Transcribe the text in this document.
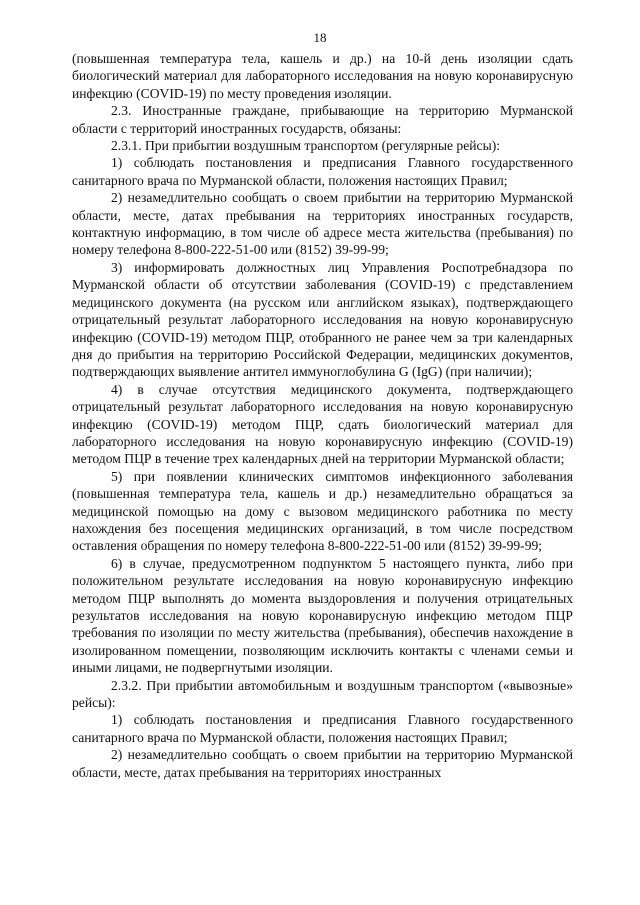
18

(повышенная температура тела, кашель и др.) на 10-й день изоляции сдать биологический материал для лабораторного исследования на новую коронавирусную инфекцию (COVID-19) по месту проведения изоляции.

2.3. Иностранные граждане, прибывающие на территорию Мурманской области с территорий иностранных государств, обязаны:

2.3.1. При прибытии воздушным транспортом (регулярные рейсы):

1) соблюдать постановления и предписания Главного государственного санитарного врача по Мурманской области, положения настоящих Правил;

2) незамедлительно сообщать о своем прибытии на территорию Мурманской области, месте, датах пребывания на территориях иностранных государств, контактную информацию, в том числе об адресе места жительства (пребывания) по номеру телефона 8-800-222-51-00 или (8152) 39-99-99;

3) информировать должностных лиц Управления Роспотребнадзора по Мурманской области об отсутствии заболевания (COVID-19) с представлением медицинского документа (на русском или английском языках), подтверждающего отрицательный результат лабораторного исследования на новую коронавирусную инфекцию (COVID-19) методом ПЦР, отобранного не ранее чем за три календарных дня до прибытия на территорию Российской Федерации, медицинских документов, подтверждающих выявление антител иммуноглобулина G (IgG) (при наличии);

4) в случае отсутствия медицинского документа, подтверждающего отрицательный результат лабораторного исследования на новую коронавирусную инфекцию (COVID-19) методом ПЦР, сдать биологический материал для лабораторного исследования на новую коронавирусную инфекцию (COVID-19) методом ПЦР в течение трех календарных дней на территории Мурманской области;

5) при появлении клинических симптомов инфекционного заболевания (повышенная температура тела, кашель и др.) незамедлительно обращаться за медицинской помощью на дому с вызовом медицинского работника по месту нахождения без посещения медицинских организаций, в том числе посредством оставления обращения по номеру телефона 8-800-222-51-00 или (8152) 39-99-99;

6) в случае, предусмотренном подпунктом 5 настоящего пункта, либо при положительном результате исследования на новую коронавирусную инфекцию методом ПЦР выполнять до момента выздоровления и получения отрицательных результатов исследования на новую коронавирусную инфекцию методом ПЦР требования по изоляции по месту жительства (пребывания), обеспечив нахождение в изолированном помещении, позволяющим исключить контакты с членами семьи и иными лицами, не подвергнутыми изоляции.

2.3.2. При прибытии автомобильным и воздушным транспортом («вывозные» рейсы):

1) соблюдать постановления и предписания Главного государственного санитарного врача по Мурманской области, положения настоящих Правил;

2) незамедлительно сообщать о своем прибытии на территорию Мурманской области, месте, датах пребывания на территориях иностранных
